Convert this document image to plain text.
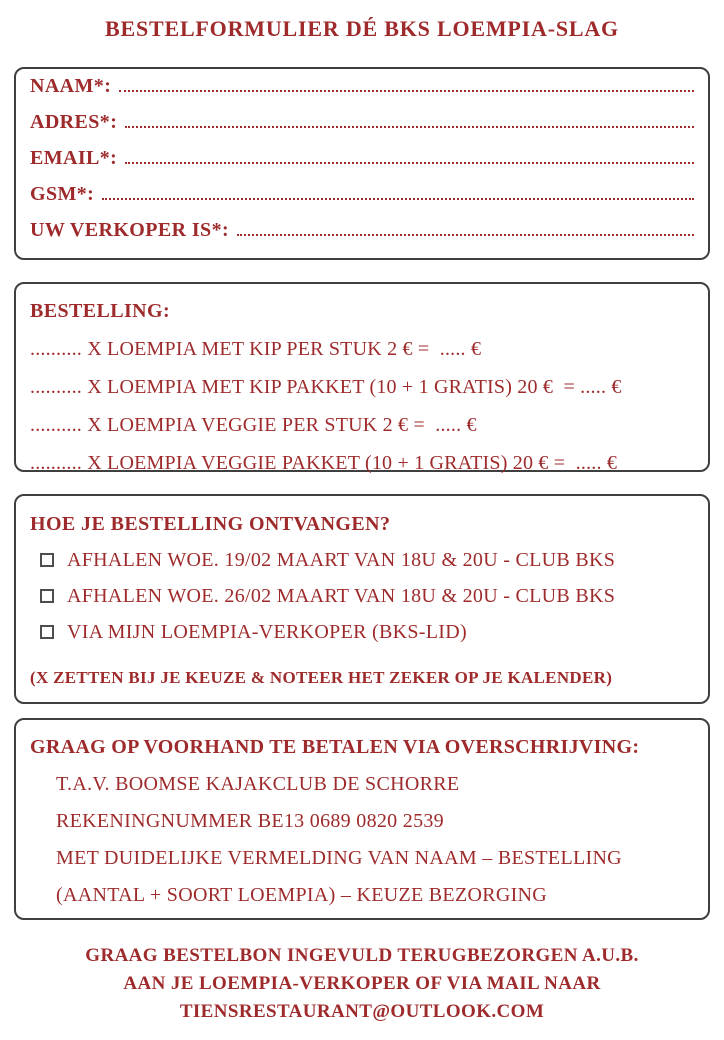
BESTELFORMULIER DÉ BKS LOEMPIA-SLAG
NAAM*:
ADRES*:
EMAIL*:
GSM*:
UW VERKOPER IS*:
BESTELLING:
.......... X LOEMPIA MET KIP PER STUK 2 € =  ..... €
.......... X LOEMPIA MET KIP PAKKET (10 + 1 GRATIS) 20 €  = ..... €
.......... X LOEMPIA VEGGIE PER STUK 2 € =  ..... €
.......... X LOEMPIA VEGGIE PAKKET (10 + 1 GRATIS) 20 € =  ..... €
HOE JE BESTELLING ONTVANGEN?
AFHALEN WOE. 19/02 MAART VAN 18U & 20U - CLUB BKS
AFHALEN WOE. 26/02 MAART VAN 18U & 20U - CLUB BKS
VIA MIJN LOEMPIA-VERKOPER (BKS-LID)
(X ZETTEN BIJ JE KEUZE & NOTEER HET ZEKER OP JE KALENDER)
GRAAG OP VOORHAND TE BETALEN VIA OVERSCHRIJVING:
T.A.V. BOOMSE KAJAKCLUB DE SCHORRE
REKENINGNUMMER BE13 0689 0820 2539
MET DUIDELIJKE VERMELDING VAN NAAM – BESTELLING
(AANTAL + SOORT LOEMPIA) – KEUZE BEZORGING
GRAAG BESTELBON INGEVULD TERUGBEZORGEN A.U.B.
AAN JE LOEMPIA-VERKOPER OF VIA MAIL NAAR
TIENSRESTAURANT@OUTLOOK.COM
